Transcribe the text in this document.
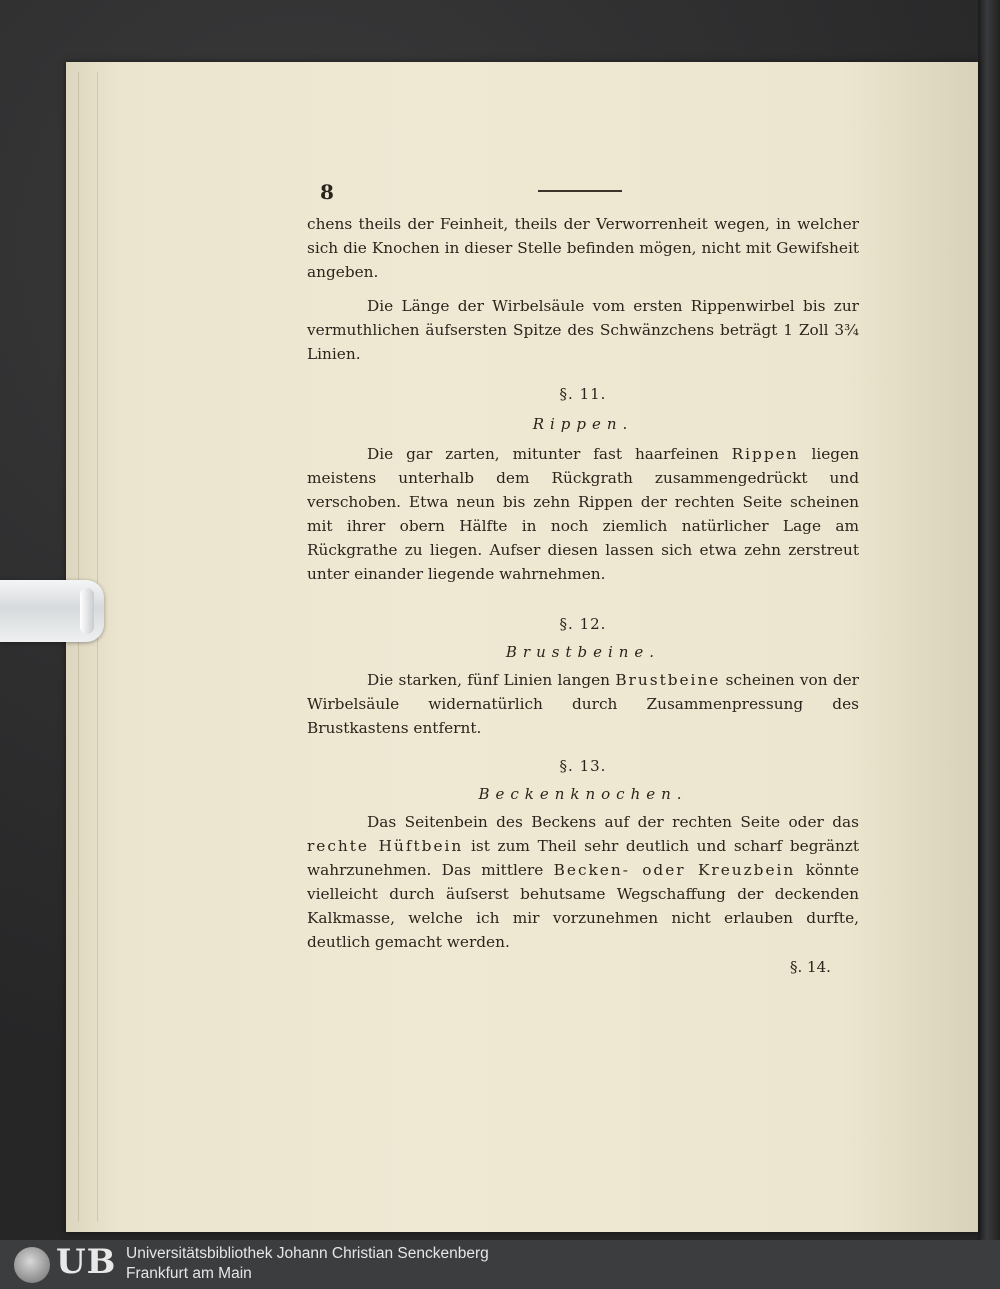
8

chens theils der Feinheit, theils der Verworrenheit wegen, in welcher sich die Knochen in dieser Stelle befinden mögen, nicht mit Gewifsheit angeben.

Die Länge der Wirbelsäule vom ersten Rippenwirbel bis zur vermuthlichen äufsersten Spitze des Schwänzchens beträgt 1 Zoll 3¾ Linien.

§. 11.

Rippen.

Die gar zarten, mitunter fast haarfeinen Rippen liegen meistens unterhalb dem Rückgrath zusammengedrückt und verschoben. Etwa neun bis zehn Rippen der rechten Seite scheinen mit ihrer obern Hälfte in noch ziemlich natürlicher Lage am Rückgrathe zu liegen. Aufser diesen lassen sich etwa zehn zerstreut unter einander liegende wahrnehmen.

§. 12.

Brustbeine.

Die starken, fünf Linien langen Brustbeine scheinen von der Wirbelsäule widernatürlich durch Zusammenpressung des Brustkastens entfernt.

§. 13.

Beckenknochen.

Das Seitenbein des Beckens auf der rechten Seite oder das rechte Hüftbein ist zum Theil sehr deutlich und scharf begränzt wahrzunehmen. Das mittlere Becken- oder Kreuzbein könnte vielleicht durch äuſserst behutsame Wegschaffung der deckenden Kalkmasse, welche ich mir vorzunehmen nicht erlauben durfte, deutlich gemacht werden.

§. 14.
UB Universitätsbibliothek Johann Christian Senckenberg
Frankfurt am Main
